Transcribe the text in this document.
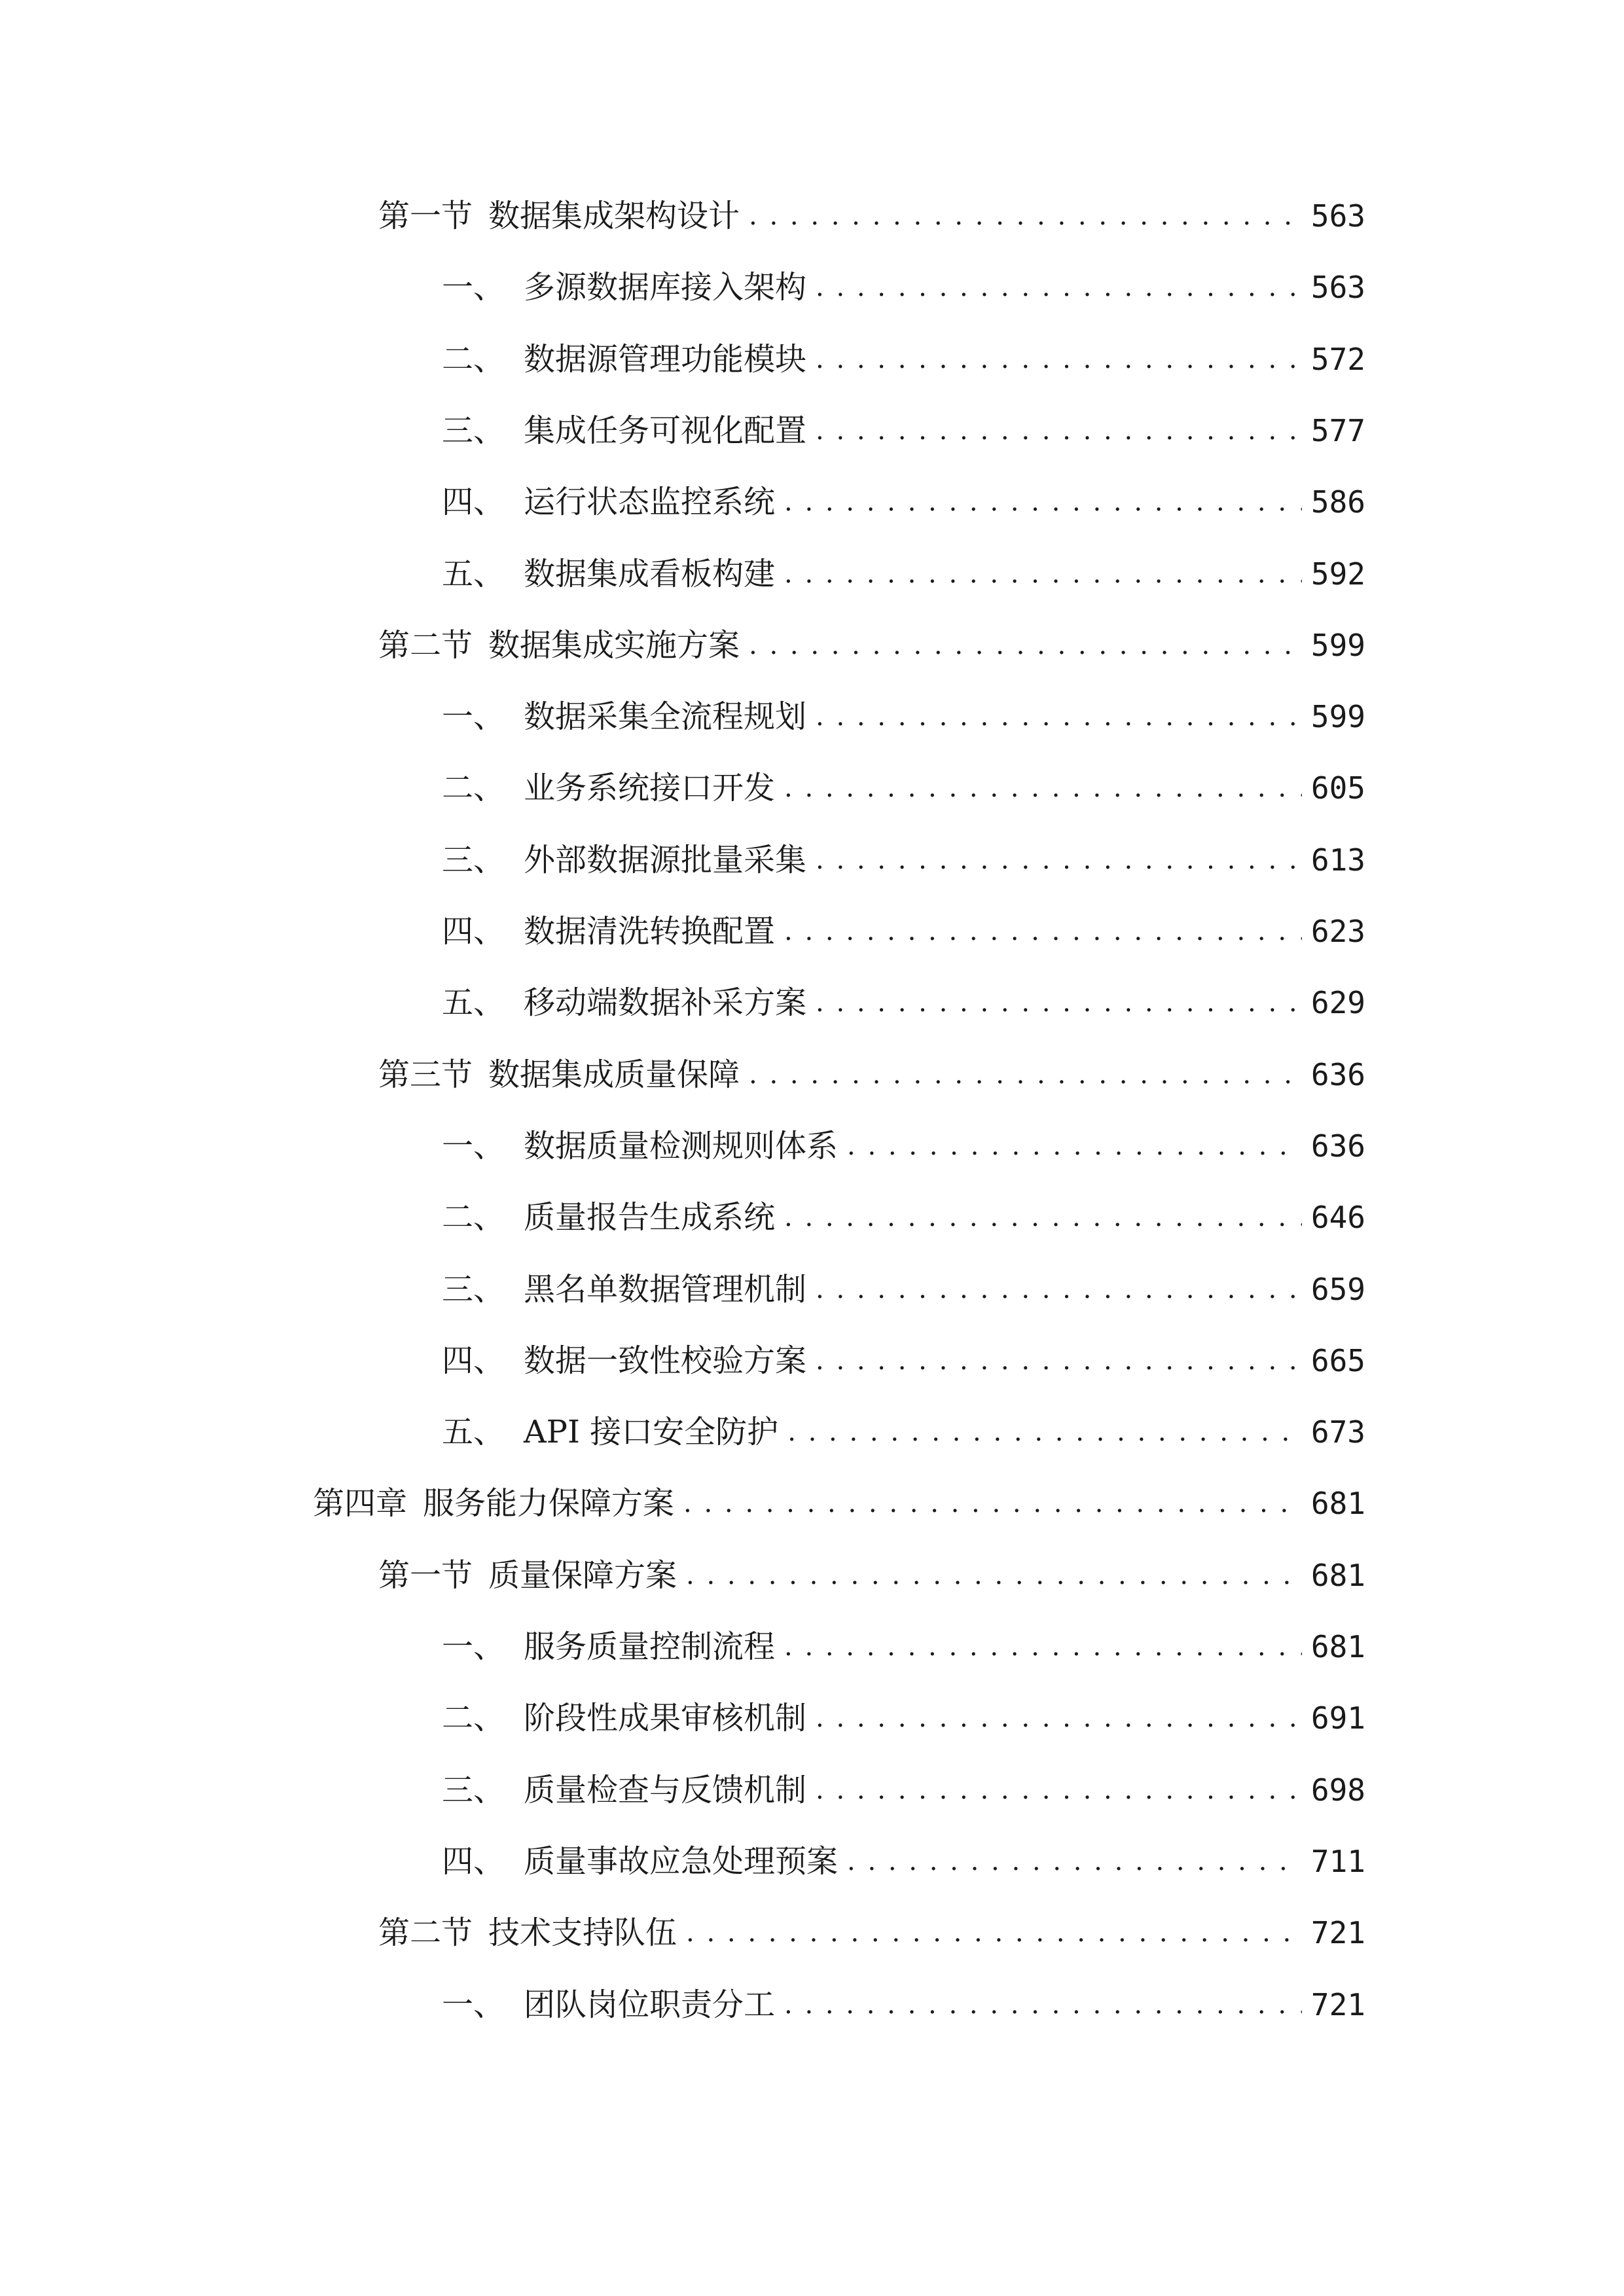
第一节 数据集成架构设计 . . .	563
一、 多源数据库接入架构 . . .	563
二、 数据源管理功能模块 . . .	572
三、 集成任务可视化配置 . . .	577
四、 运行状态监控系统 . . .	586
五、 数据集成看板构建 . . .	592
第二节 数据集成实施方案 . . .	599
一、 数据采集全流程规划 . . .	599
二、 业务系统接口开发 . . .	605
三、 外部数据源批量采集 . . .	613
四、 数据清洗转换配置 . . .	623
五、 移动端数据补采方案 . . .	629
第三节 数据集成质量保障 . . .	636
一、 数据质量检测规则体系 . . .	636
二、 质量报告生成系统 . . .	646
三、 黑名单数据管理机制 . . .	659
四、 数据一致性校验方案 . . .	665
五、 API 接口安全防护 . . .	673
第四章 服务能力保障方案 . . .	681
第一节 质量保障方案 . . .	681
一、 服务质量控制流程 . . .	681
二、 阶段性成果审核机制 . . .	691
三、 质量检查与反馈机制 . . .	698
四、 质量事故应急处理预案 . . .	711
第二节 技术支持队伍 . . .	721
一、 团队岗位职责分工 . . .	721
